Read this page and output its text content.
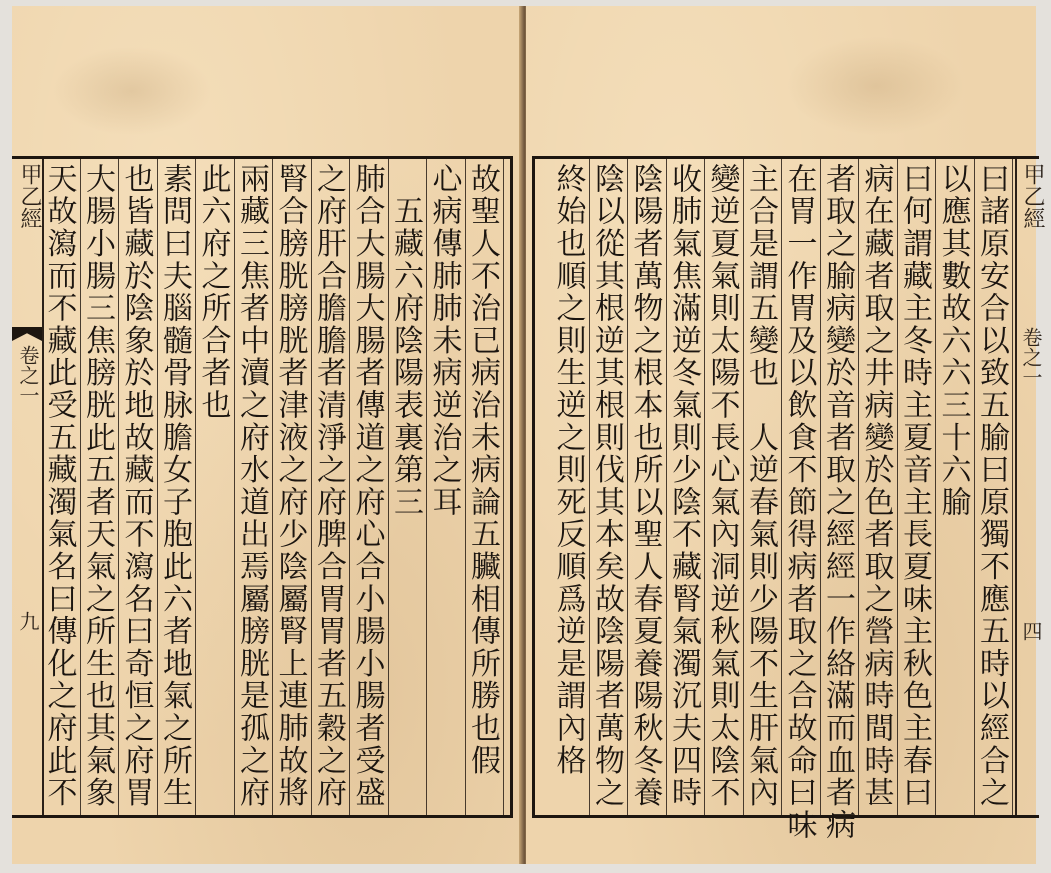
甲乙經
卷之一
九	故聖人不治已病治未病論五臟相傳所勝也假
心病傳肺肺未病逆治之耳
　五藏六府陰陽表裏第三
肺合大腸大腸者傳道之府心合小腸小腸者受盛
之府肝合膽膽者清淨之府脾合胃胃者五穀之府
腎合膀胱膀胱者津液之府少陰屬腎上連肺故將
兩藏三焦者中瀆之府水道出焉屬膀胱是孤之府
此六府之所合者也
素問曰夫腦髓骨脉膽女子胞此六者地氣之所生
也皆藏於陰象於地故藏而不瀉名曰奇恒之府胃
大腸小腸三焦膀胱此五者天氣之所生也其氣象
天故瀉而不藏此受五藏濁氣名曰傳化之府此不	曰諸原安合以致五腧曰原獨不應五時以經合之
以應其數故六六三十六腧
曰何謂藏主冬時主夏音主長夏味主秋色主春曰
病在藏者取之井病變於色者取之營病時間時甚
者取之腧病變於音者取之經經一作絡滿而血者病
在胃一作胃及以飲食不節得病者取之合故命曰味
主合是謂五變也　人逆春氣則少陽不生肝氣內
變逆夏氣則太陽不長心氣內洞逆秋氣則太陰不
收肺氣焦滿逆冬氣則少陰不藏腎氣濁沉夫四時
陰陽者萬物之根本也所以聖人春夏養陽秋冬養
陰以從其根逆其根則伐其本矣故陰陽者萬物之
終始也順之則生逆之則死反順爲逆是謂內格	甲乙經
卷之一
四
